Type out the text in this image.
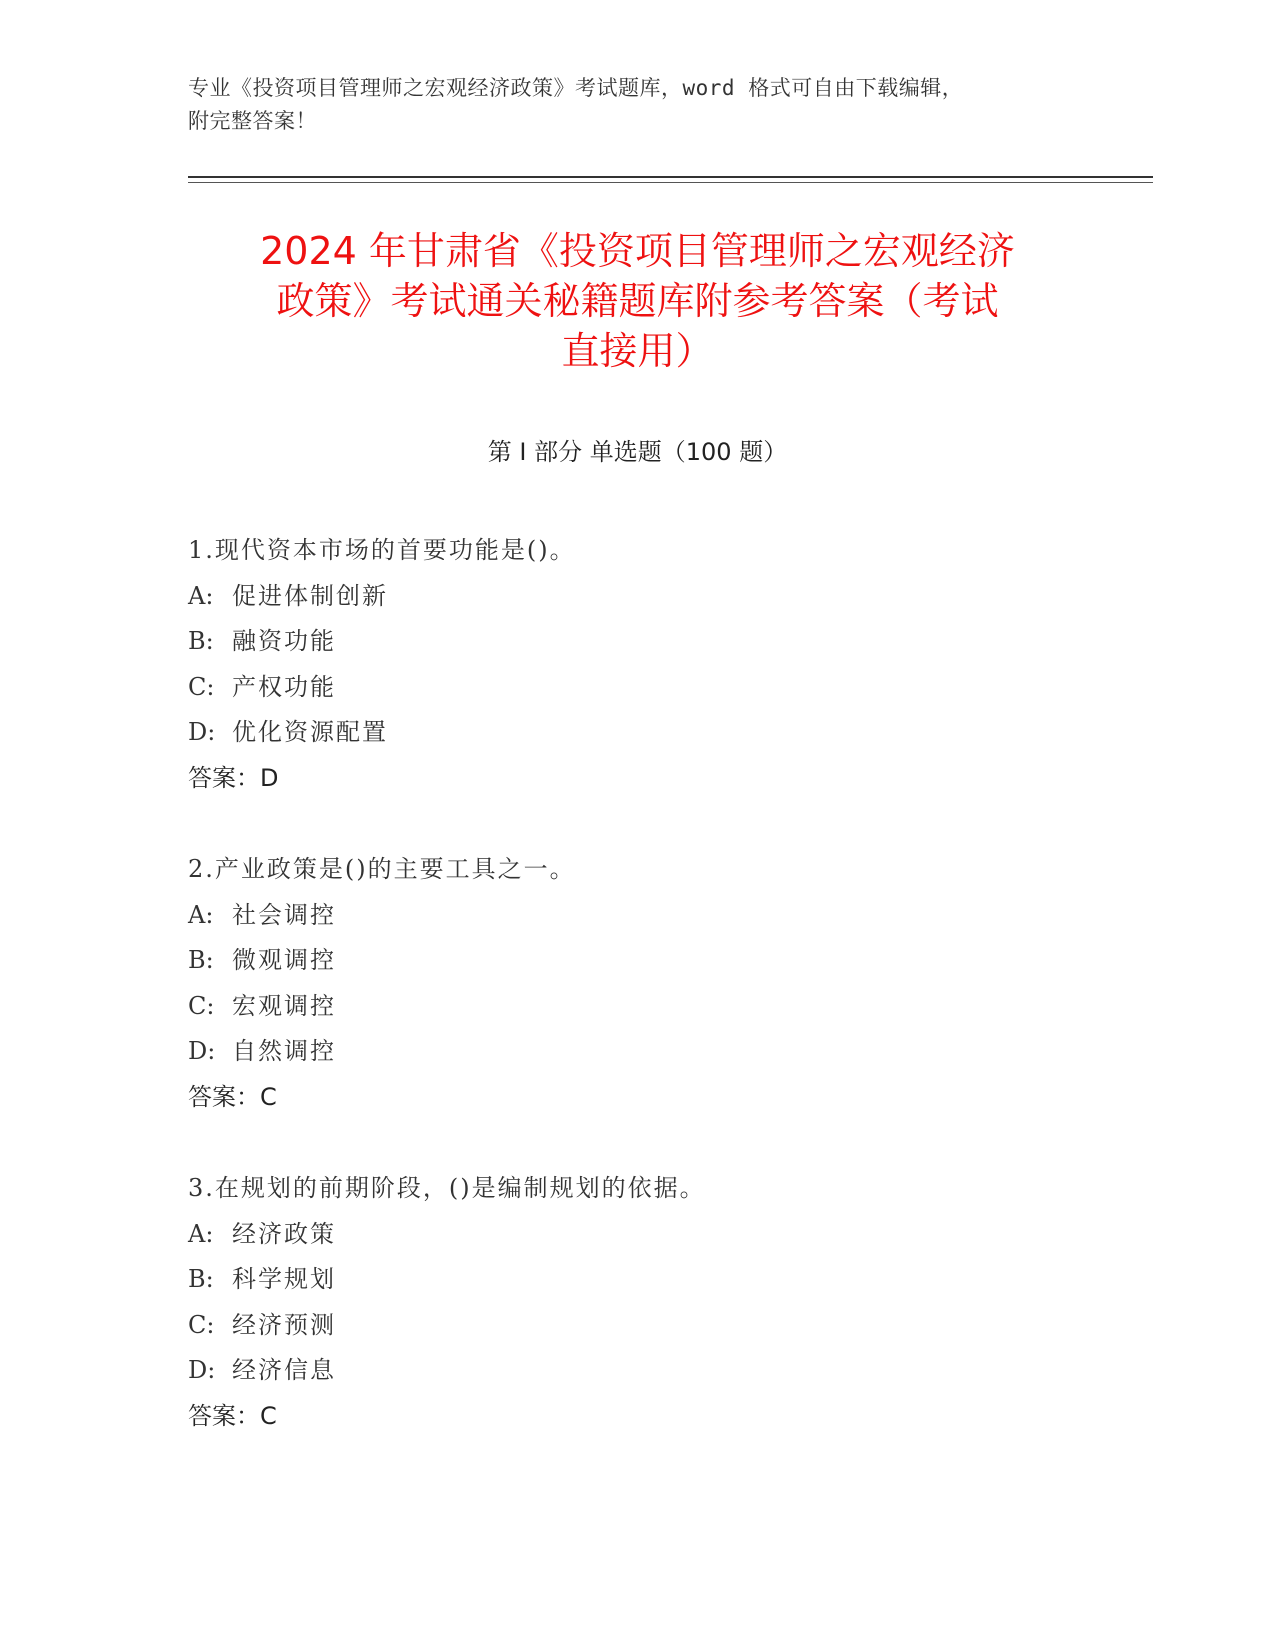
专业《投资项目管理师之宏观经济政策》考试题库，word 格式可自由下载编辑，
附完整答案！
2024 年甘肃省《投资项目管理师之宏观经济
政策》考试通关秘籍题库附参考答案（考试
直接用）
第 I 部分 单选题（100 题）
1.现代资本市场的首要功能是()。
A: 促进体制创新
B: 融资功能
C: 产权功能
D: 优化资源配置
答案：D
2.产业政策是()的主要工具之一。
A: 社会调控
B: 微观调控
C: 宏观调控
D: 自然调控
答案：C
3.在规划的前期阶段，()是编制规划的依据。
A: 经济政策
B: 科学规划
C: 经济预测
D: 经济信息
答案：C
